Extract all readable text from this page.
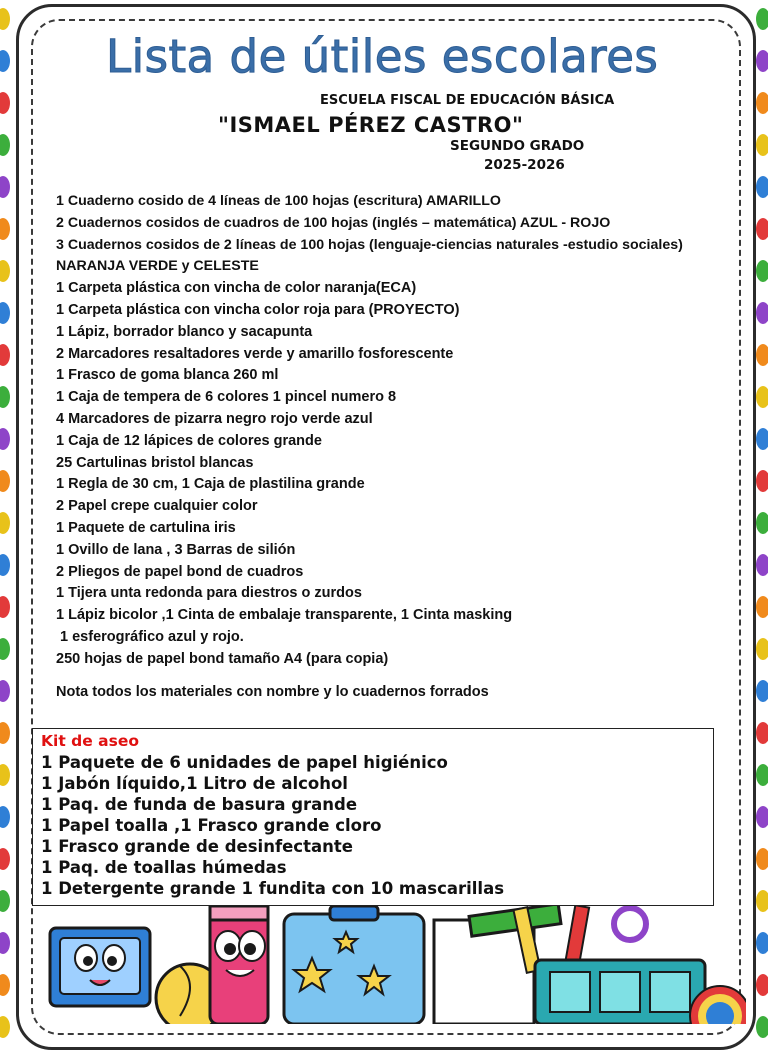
Lista de útiles escolares
ESCUELA FISCAL DE EDUCACIÓN BÁSICA
"ISMAEL PÉREZ CASTRO"
SEGUNDO GRADO
2025-2026
1 Cuaderno cosido de 4 líneas de 100 hojas (escritura) AMARILLO
2 Cuadernos cosidos de cuadros de 100 hojas (inglés – matemática) AZUL - ROJO
3 Cuadernos cosidos de 2 líneas de 100 hojas (lenguaje-ciencias naturales -estudio sociales) NARANJA VERDE y CELESTE
1 Carpeta plástica con vincha de color naranja(ECA)
1 Carpeta plástica con vincha color roja para (PROYECTO)
1 Lápiz, borrador blanco y sacapunta
2 Marcadores resaltadores verde y amarillo fosforescente
1 Frasco de goma blanca 260 ml
1 Caja de tempera de 6 colores 1 pincel numero 8
4 Marcadores de pizarra negro rojo verde azul
1 Caja de 12 lápices de colores grande
25 Cartulinas bristol blancas
1 Regla de 30 cm, 1 Caja de plastilina grande
2 Papel crepe cualquier color
1 Paquete de cartulina iris
1 Ovillo de lana , 3 Barras de silión
2 Pliegos de papel bond de cuadros
1 Tijera unta redonda para diestros o zurdos
1 Lápiz bicolor ,1 Cinta de embalaje transparente, 1 Cinta masking
1 esferográfico azul y rojo.
250 hojas de papel bond tamaño A4 (para copia)
Nota todos los materiales con nombre y lo cuadernos forrados
Kit de aseo
1 Paquete de 6 unidades de papel higiénico
1 Jabón líquido,1 Litro de alcohol
1 Paq. de funda de basura grande
1 Papel toalla ,1 Frasco grande cloro
1 Frasco grande de desinfectante
1 Paq. de toallas húmedas
1 Detergente grande 1 fundita con 10 mascarillas
